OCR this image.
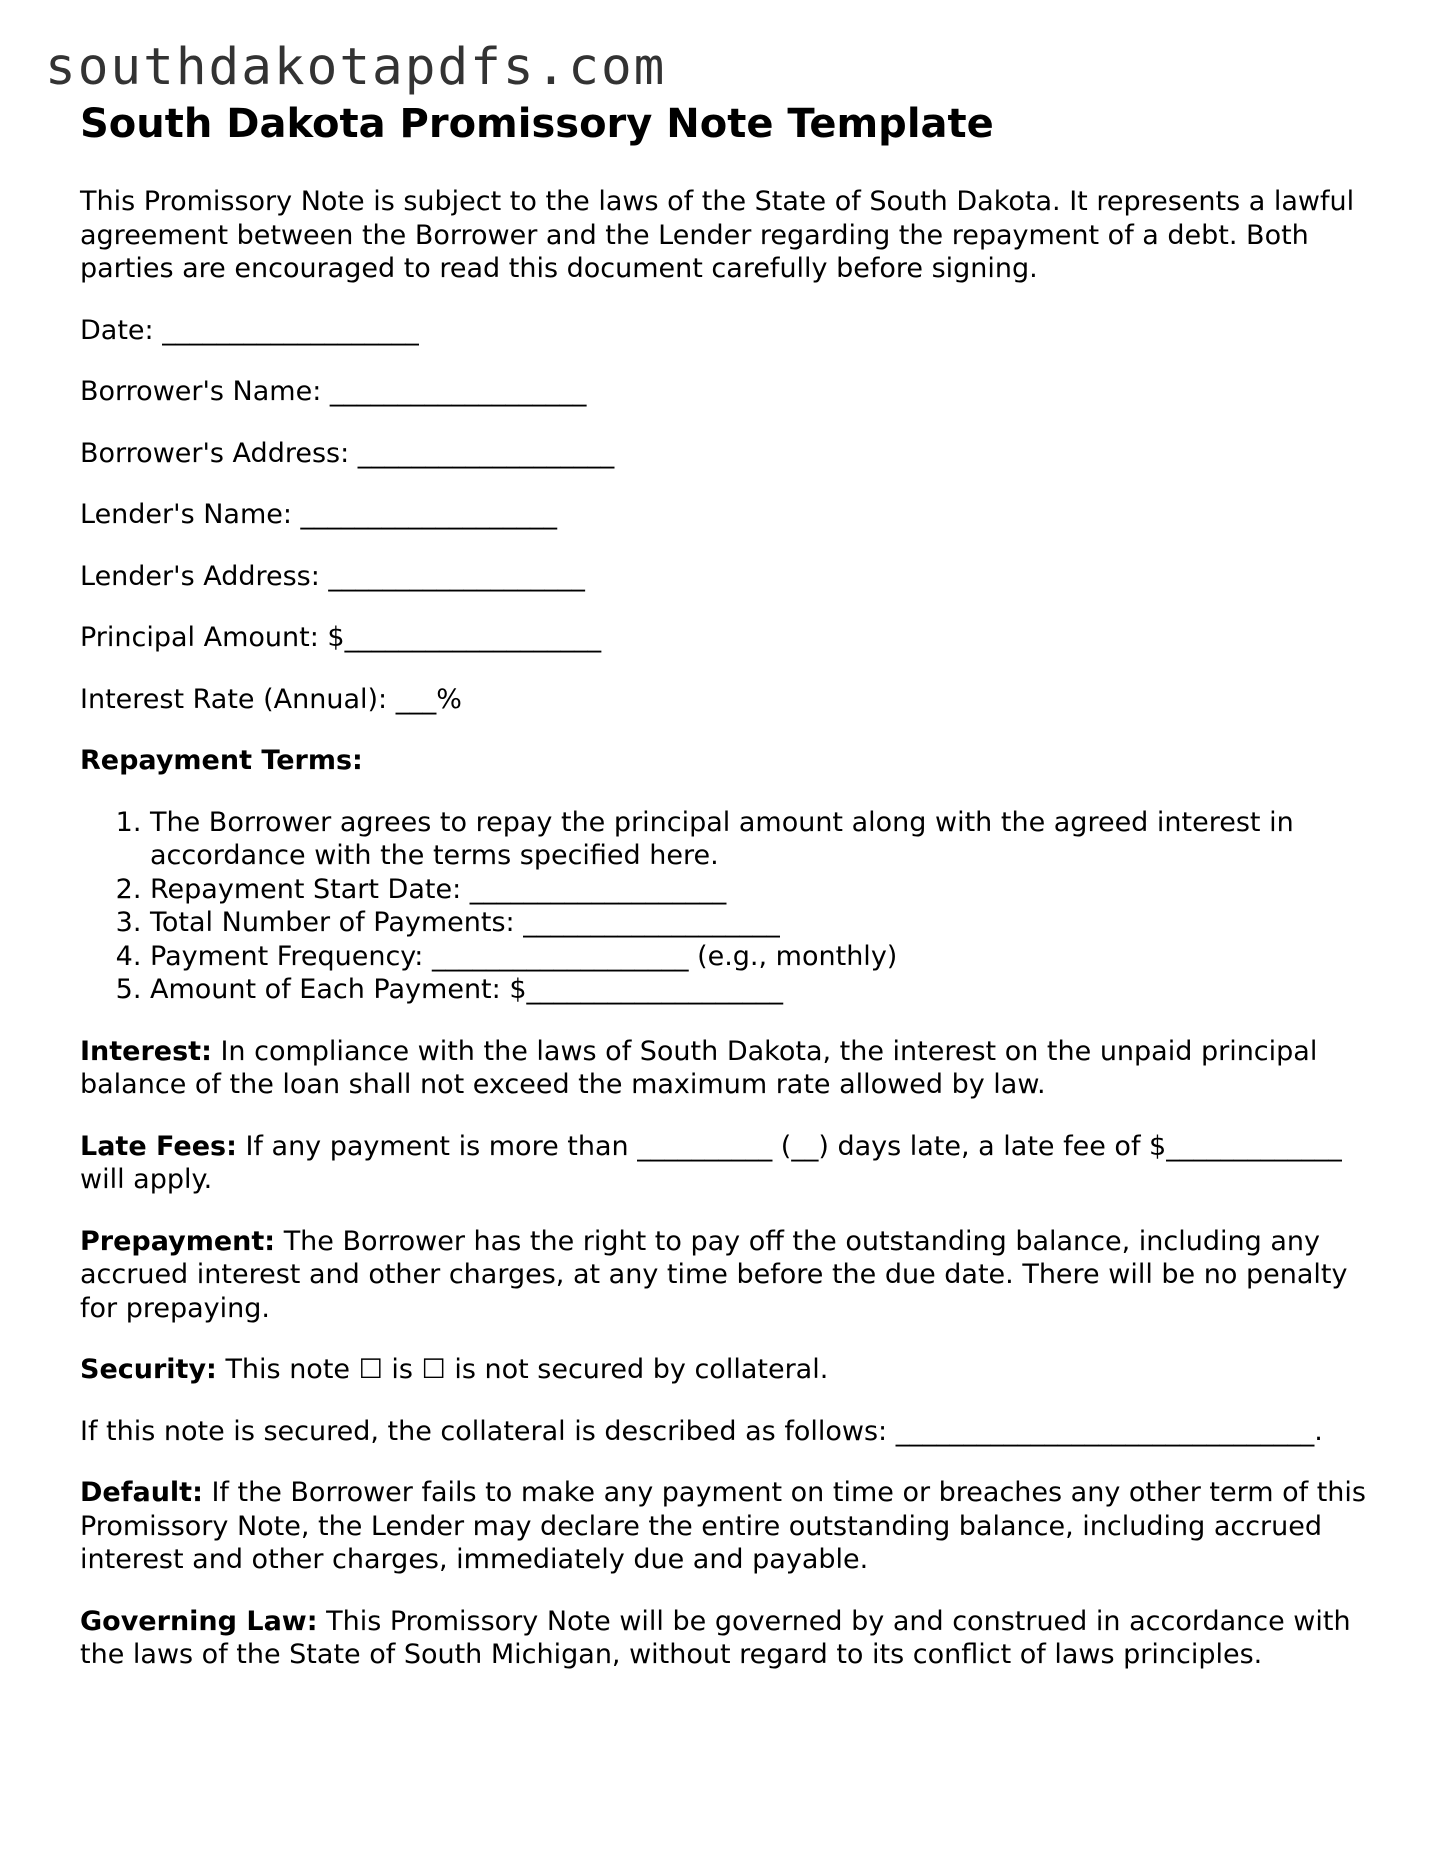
southdakotapdfs.com
South Dakota Promissory Note Template

This Promissory Note is subject to the laws of the State of South Dakota. It represents a lawful agreement between the Borrower and the Lender regarding the repayment of a debt. Both parties are encouraged to read this document carefully before signing.

Date: ___________________

Borrower's Name: ___________________

Borrower's Address: ___________________

Lender's Name: ___________________

Lender's Address: ___________________

Principal Amount: $___________________

Interest Rate (Annual): ___%

Repayment Terms:

1. The Borrower agrees to repay the principal amount along with the agreed interest in accordance with the terms specified here.
2. Repayment Start Date: ___________________
3. Total Number of Payments: ___________________
4. Payment Frequency: ___________________ (e.g., monthly)
5. Amount of Each Payment: $___________________

Interest: In compliance with the laws of South Dakota, the interest on the unpaid principal balance of the loan shall not exceed the maximum rate allowed by law.

Late Fees: If any payment is more than __________ (__) days late, a late fee of $_____________ will apply.

Prepayment: The Borrower has the right to pay off the outstanding balance, including any accrued interest and other charges, at any time before the due date. There will be no penalty for prepaying.

Security: This note ☐ is ☐ is not secured by collateral.

If this note is secured, the collateral is described as follows: _______________________________.

Default: If the Borrower fails to make any payment on time or breaches any other term of this Promissory Note, the Lender may declare the entire outstanding balance, including accrued interest and other charges, immediately due and payable.

Governing Law: This Promissory Note will be governed by and construed in accordance with the laws of the State of South Michigan, without regard to its conflict of laws principles.
